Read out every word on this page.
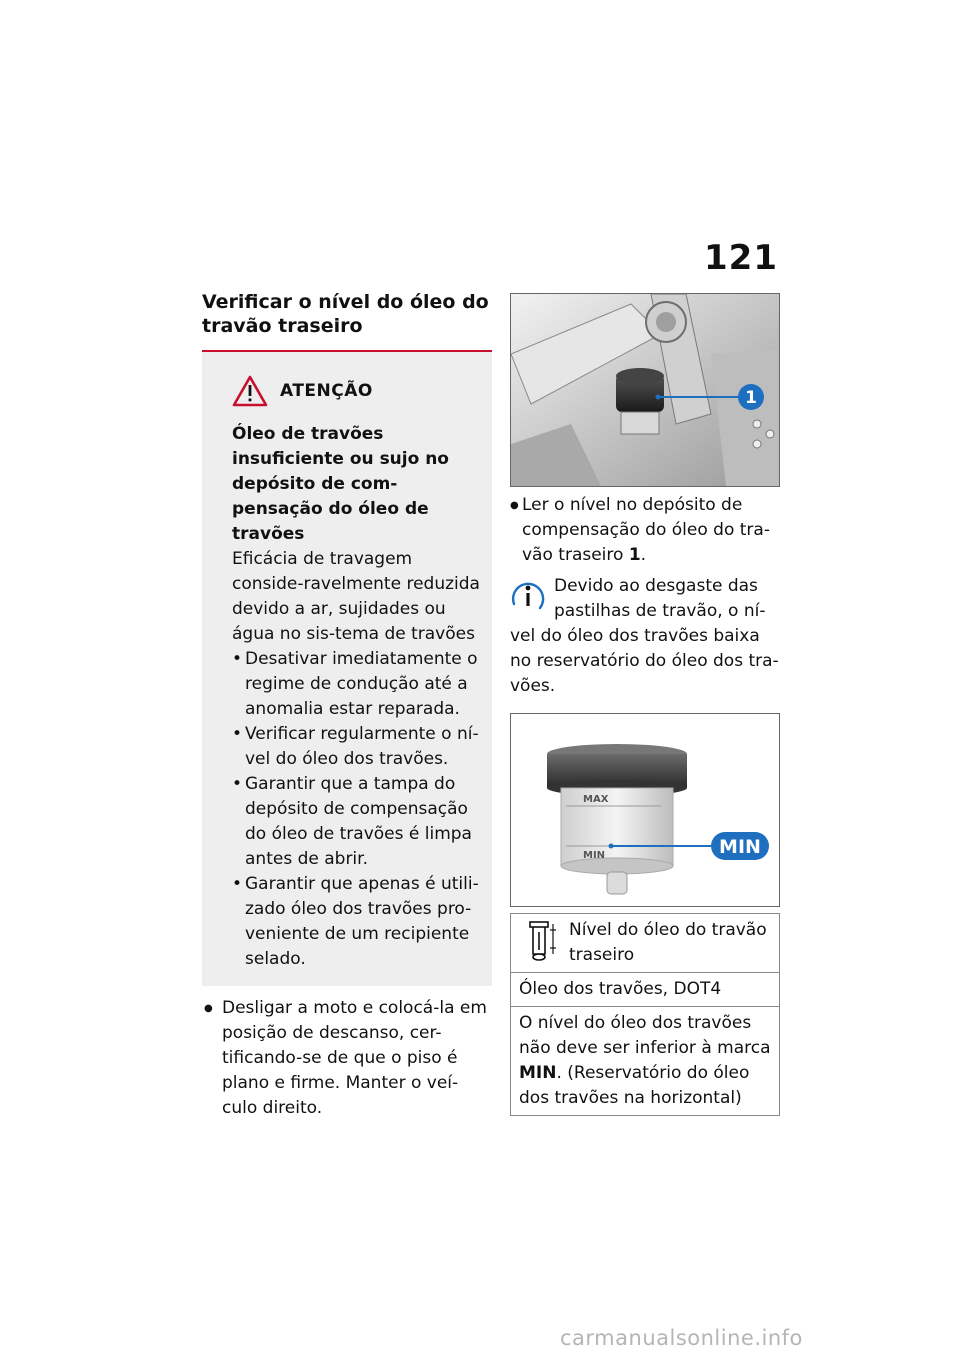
121
Verificar o nível do óleo do travão traseiro
ATENÇÃO

Óleo de travões insuficiente ou sujo no depósito de com-pensação do óleo de travões

Eficácia de travagem conside-ravelmente reduzida devido a ar, sujidades ou água no sis-tema de travões

• Desativar imediatamente o regime de condução até a anomalia estar reparada.
• Verificar regularmente o ní-vel do óleo dos travões.
• Garantir que a tampa do depósito de compensação do óleo de travões é limpa antes de abrir.
• Garantir que apenas é utili-zado óleo dos travões pro-veniente de um recipiente selado.
● Desligar a moto e colocá-la em posição de descanso, cer-tificando-se de que o piso é plano e firme. Manter o veí-culo direito.
1
● Ler o nível no depósito de compensação do óleo do tra-vão traseiro 1.
Devido ao desgaste das pastilhas de travão, o ní-vel do óleo dos travões baixa no reservatório do óleo dos tra-vões.
MAX
MIN	MIN
Nível do óleo do travão traseiro

Óleo dos travões, DOT4
O nível do óleo dos travões não deve ser inferior à marca MIN. (Reservatório do óleo dos travões na horizontal)
carmanualsonline.info
